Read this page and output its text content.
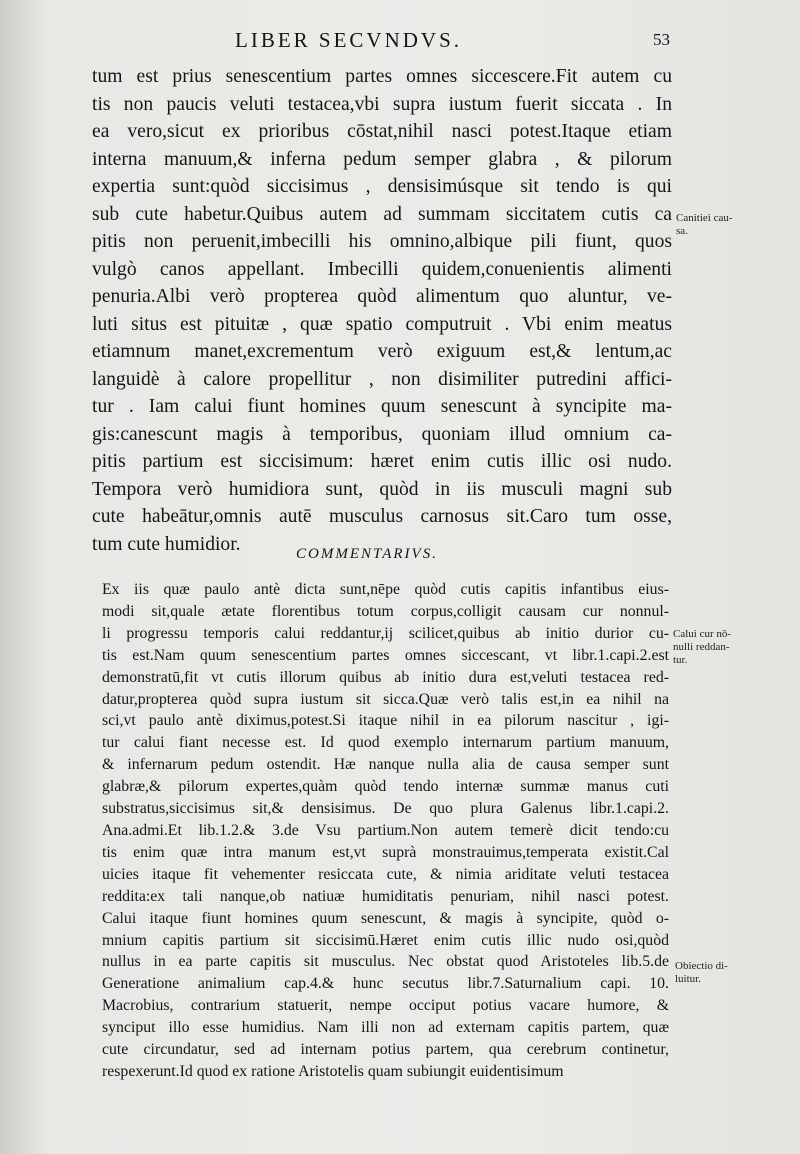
LIBER SECVNDVS.	53
tum est prius senescentium partes omnes siccescere.Fit autem cu
tis non paucis veluti testacea,vbi supra iustum fuerit siccata . In
ea vero,sicut ex prioribus cōstat,nihil nasci potest.Itaque etiam
interna manuum,& inferna pedum semper glabra , & pilorum
expertia sunt:quòd siccisimus , densisimúsque sit tendo is qui
sub cute habetur.Quibus autem ad summam siccitatem cutis ca
pitis non peruenit,imbecilli his omnino,albique pili fiunt, quos
vulgò canos appellant. Imbecilli quidem,conuenientis alimenti
penuria.Albi verò propterea quòd alimentum quo aluntur, ve-
luti situs est pituitæ , quæ spatio computruit . Vbi enim meatus
etiamnum manet,excrementum verò exiguum est,& lentum,ac
languidè à calore propellitur , non disimiliter putredini affici-
tur . Iam calui fiunt homines quum senescunt à syncipite ma-
gis:canescunt magis à temporibus, quoniam illud omnium ca-
pitis partium est siccisimum: hæret enim cutis illic osi nudo.
Tempora verò humidiora sunt, quòd in iis musculi magni sub
cute habeātur,omnis autē musculus carnosus sit.Caro tum osse,
tum cute humidior.	COMMENTARIVS.
Ex iis quæ paulo antè dicta sunt,nēpe quòd cutis capitis infantibus eius-
modi sit,quale ætate florentibus totum corpus,colligit causam cur nonnul-
li progressu temporis calui reddantur,ij scilicet,quibus ab initio durior cu-
tis est.Nam quum senescentium partes omnes siccescant, vt libr.1.capi.2.est
demonstratū,fit vt cutis illorum quibus ab initio dura est,veluti testacea red-
datur,propterea quòd supra iustum sit sicca.Quæ verò talis est,in ea nihil na
sci,vt paulo antè diximus,potest.Si itaque nihil in ea pilorum nascitur , igi-
tur calui fiant necesse est. Id quod exemplo internarum partium manuum,
& infernarum pedum ostendit. Hæ nanque nulla alia de causa semper sunt
glabræ,& pilorum expertes,quàm quòd tendo internæ summæ manus cuti
substratus,siccisimus sit,& densisimus. De quo plura Galenus libr.1.capi.2.
Ana.admi.Et lib.1.2.& 3.de Vsu partium.Non autem temerè dicit tendo:cu
tis enim quæ intra manum est,vt suprà monstrauimus,temperata existit.Cal
uicies itaque fit vehementer resiccata cute, & nimia ariditate veluti testacea
reddita:ex tali nanque,ob natiuæ humiditatis penuriam, nihil nasci potest.
Calui itaque fiunt homines quum senescunt, & magis à syncipite, quòd o-
mnium capitis partium sit siccisimū.Hæret enim cutis illic nudo osi,quòd
nullus in ea parte capitis sit musculus. Nec obstat quod Aristoteles lib.5.de
Generatione animalium cap.4.& hunc secutus libr.7.Saturnalium capi. 10.
Macrobius, contrarium statuerit, nempe occiput potius vacare humore, &
synciput illo esse humidius. Nam illi non ad externam capitis partem, quæ
cute circundatur, sed ad internam potius partem, qua cerebrum continetur,
respexerunt.Id quod ex ratione Aristotelis quam subiungit euidentisimum
Canitiei cau-
sa.
Calui cur nō-
nulli reddan-
tur.
Obiectio di-
luitur.
